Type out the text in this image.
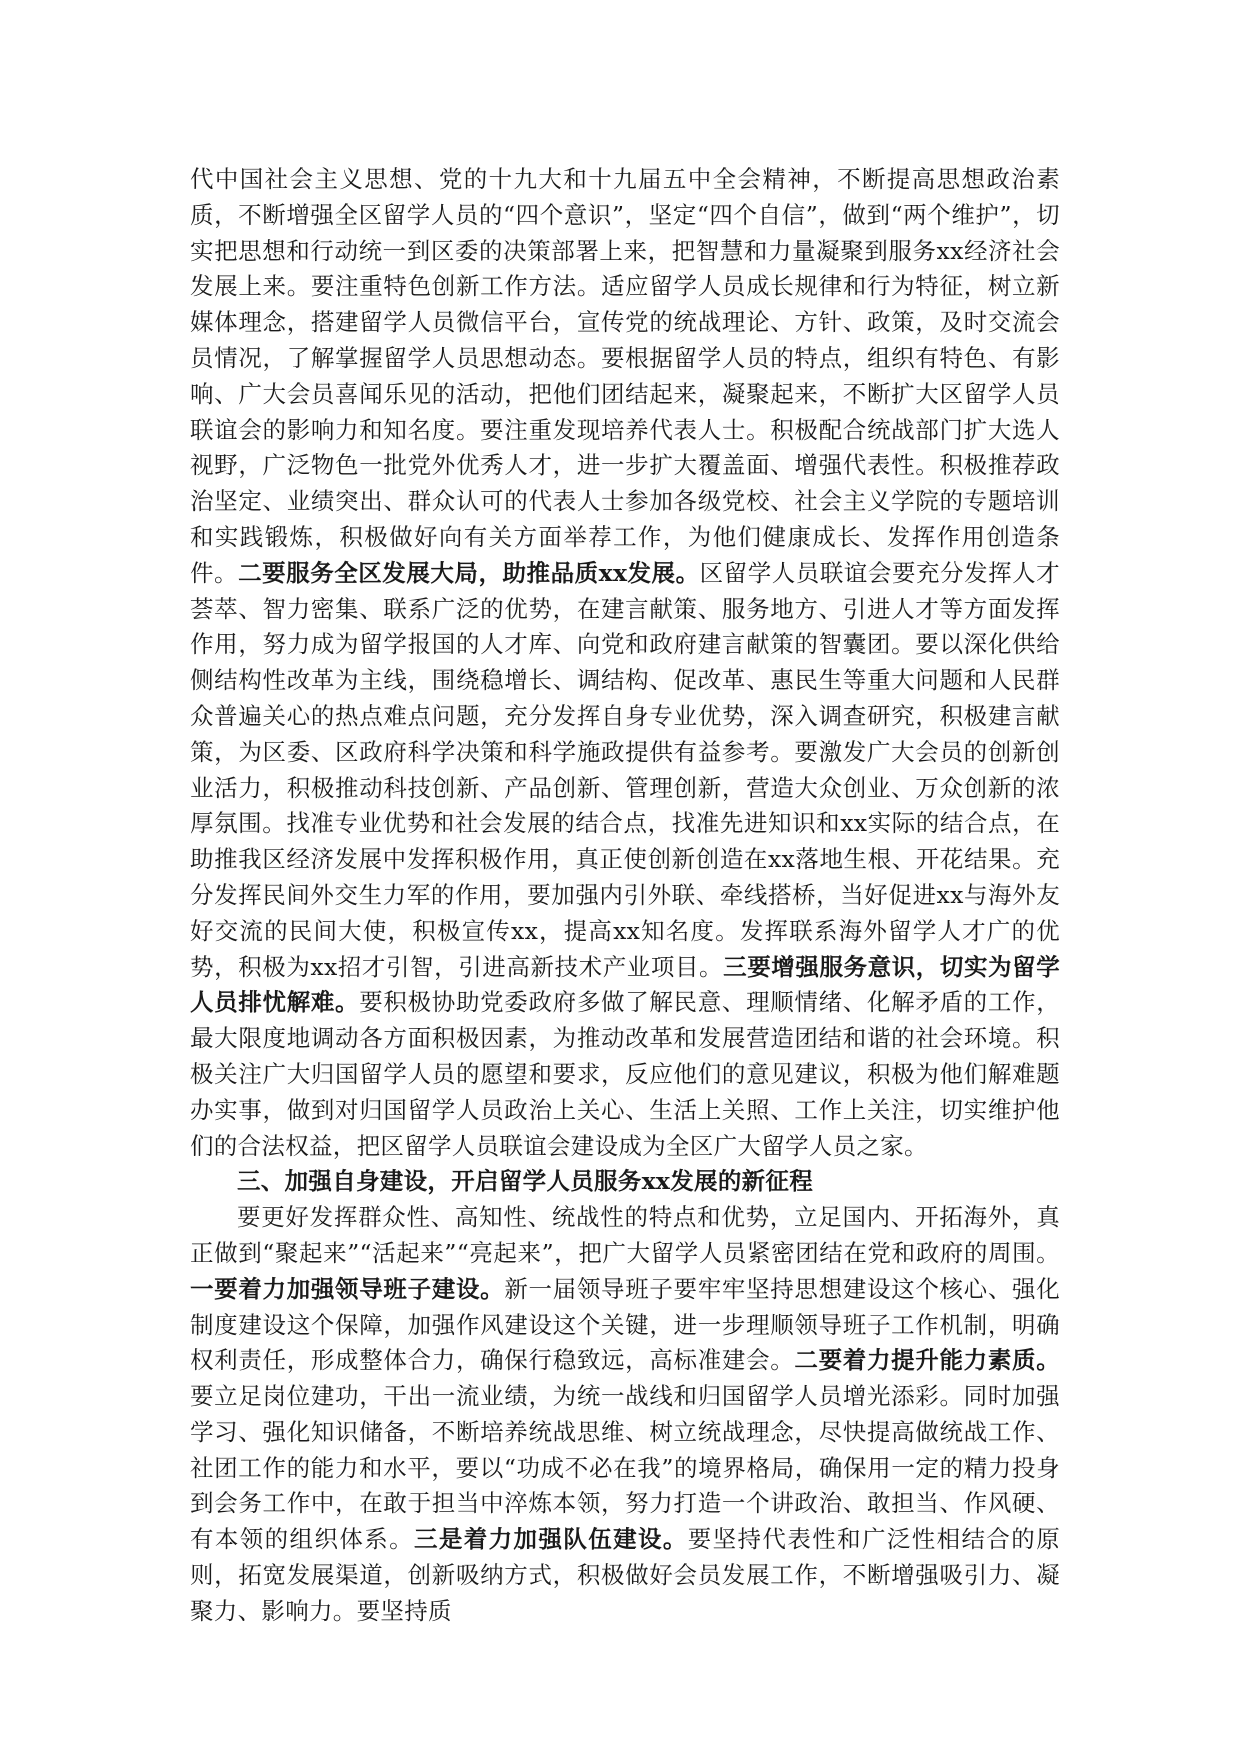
代中国社会主义思想、党的十九大和十九届五中全会精神，不断提高思想政治素质，不断增强全区留学人员的“四个意识”，坚定“四个自信”，做到“两个维护”，切实把思想和行动统一到区委的决策部署上来，把智慧和力量凝聚到服务xx经济社会发展上来。要注重特色创新工作方法。适应留学人员成长规律和行为特征，树立新媒体理念，搭建留学人员微信平台，宣传党的统战理论、方针、政策，及时交流会员情况，了解掌握留学人员思想动态。要根据留学人员的特点，组织有特色、有影响、广大会员喜闻乐见的活动，把他们团结起来，凝聚起来，不断扩大区留学人员联谊会的影响力和知名度。要注重发现培养代表人士。积极配合统战部门扩大选人视野，广泛物色一批党外优秀人才，进一步扩大覆盖面、增强代表性。积极推荐政治坚定、业绩突出、群众认可的代表人士参加各级党校、社会主义学院的专题培训和实践锻炼，积极做好向有关方面举荐工作，为他们健康成长、发挥作用创造条件。二要服务全区发展大局，助推品质xx发展。区留学人员联谊会要充分发挥人才荟萃、智力密集、联系广泛的优势，在建言献策、服务地方、引进人才等方面发挥作用，努力成为留学报国的人才库、向党和政府建言献策的智囊团。要以深化供给侧结构性改革为主线，围绕稳增长、调结构、促改革、惠民生等重大问题和人民群众普遍关心的热点难点问题，充分发挥自身专业优势，深入调查研究，积极建言献策，为区委、区政府科学决策和科学施政提供有益参考。要激发广大会员的创新创业活力，积极推动科技创新、产品创新、管理创新，营造大众创业、万众创新的浓厚氛围。找准专业优势和社会发展的结合点，找准先进知识和xx实际的结合点，在助推我区经济发展中发挥积极作用，真正使创新创造在xx落地生根、开花结果。充分发挥民间外交生力军的作用，要加强内引外联、牵线搭桥，当好促进xx与海外友好交流的民间大使，积极宣传xx，提高xx知名度。发挥联系海外留学人才广的优势，积极为xx招才引智，引进高新技术产业项目。三要增强服务意识，切实为留学人员排忧解难。要积极协助党委政府多做了解民意、理顺情绪、化解矛盾的工作，最大限度地调动各方面积极因素，为推动改革和发展营造团结和谐的社会环境。积极关注广大归国留学人员的愿望和要求，反应他们的意见建议，积极为他们解难题办实事，做到对归国留学人员政治上关心、生活上关照、工作上关注，切实维护他们的合法权益，把区留学人员联谊会建设成为全区广大留学人员之家。

三、加强自身建设，开启留学人员服务xx发展的新征程

要更好发挥群众性、高知性、统战性的特点和优势，立足国内、开拓海外，真正做到“聚起来”“活起来”“亮起来”，把广大留学人员紧密团结在党和政府的周围。一要着力加强领导班子建设。新一届领导班子要牢牢坚持思想建设这个核心、强化制度建设这个保障，加强作风建设这个关键，进一步理顺领导班子工作机制，明确权利责任，形成整体合力，确保行稳致远，高标准建会。二要着力提升能力素质。要立足岗位建功，干出一流业绩，为统一战线和归国留学人员增光添彩。同时加强学习、强化知识储备，不断培养统战思维、树立统战理念，尽快提高做统战工作、社团工作的能力和水平，要以“功成不必在我”的境界格局，确保用一定的精力投身到会务工作中，在敢于担当中淬炼本领，努力打造一个讲政治、敢担当、作风硬、有本领的组织体系。三是着力加强队伍建设。要坚持代表性和广泛性相结合的原则，拓宽发展渠道，创新吸纳方式，积极做好会员发展工作，不断增强吸引力、凝聚力、影响力。要坚持质
